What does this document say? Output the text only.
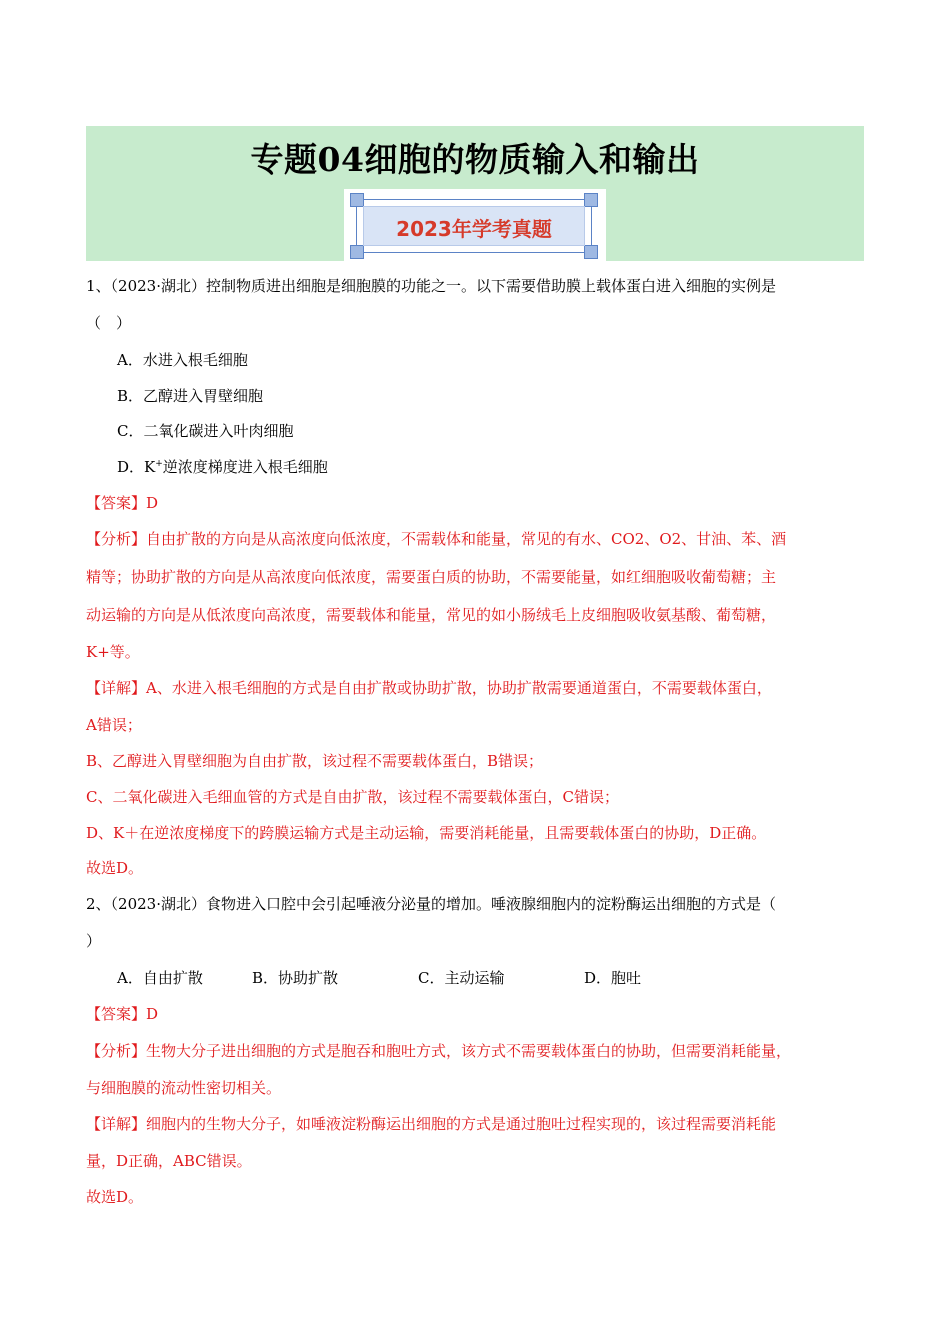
专题04细胞的物质输入和输出
2023年学考真题
1、（2023·湖北）控制物质进出细胞是细胞膜的功能之一。以下需要借助膜上载体蛋白进入细胞的实例是
（　）
A．水进入根毛细胞
B．乙醇进入胃壁细胞
C．二氧化碳进入叶肉细胞
D．K+逆浓度梯度进入根毛细胞
【答案】D
【分析】自由扩散的方向是从高浓度向低浓度，不需载体和能量，常见的有水、CO2、O2、甘油、苯、酒
精等；协助扩散的方向是从高浓度向低浓度，需要蛋白质的协助，不需要能量，如红细胞吸收葡萄糖；主
动运输的方向是从低浓度向高浓度，需要载体和能量，常见的如小肠绒毛上皮细胞吸收氨基酸、葡萄糖，
K+等。
【详解】A、水进入根毛细胞的方式是自由扩散或协助扩散，协助扩散需要通道蛋白，不需要载体蛋白，
A错误；
B、乙醇进入胃壁细胞为自由扩散，该过程不需要载体蛋白，B错误；
C、二氧化碳进入毛细血管的方式是自由扩散，该过程不需要载体蛋白，C错误；
D、K＋在逆浓度梯度下的跨膜运输方式是主动运输，需要消耗能量，且需要载体蛋白的协助，D正确。
故选D。
2、（2023·湖北）食物进入口腔中会引起唾液分泌量的增加。唾液腺细胞内的淀粉酶运出细胞的方式是（
）
A．自由扩散	B．协助扩散	C．主动运输	D．胞吐
【答案】D
【分析】生物大分子进出细胞的方式是胞吞和胞吐方式，该方式不需要载体蛋白的协助，但需要消耗能量，
与细胞膜的流动性密切相关。
【详解】细胞内的生物大分子，如唾液淀粉酶运出细胞的方式是通过胞吐过程实现的，该过程需要消耗能
量，D正确，ABC错误。
故选D。
